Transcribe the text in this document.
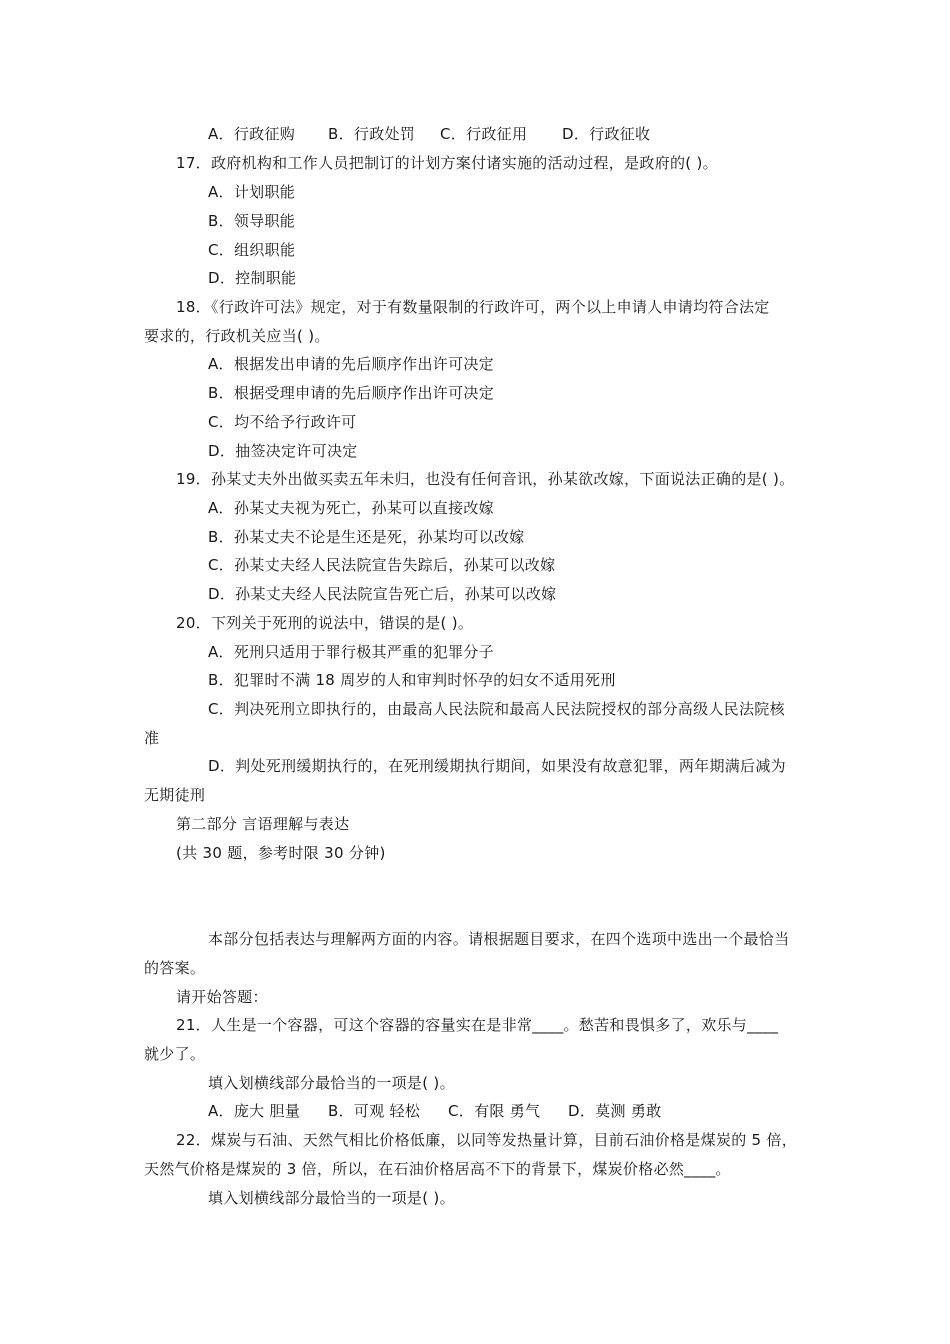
A．行政征购 B．行政处罚 C．行政征用 D．行政征收
17．政府机构和工作人员把制订的计划方案付诸实施的活动过程，是政府的( )。
A．计划职能
B．领导职能
C．组织职能
D．控制职能
18．《行政许可法》规定，对于有数量限制的行政许可，两个以上申请人申请均符合法定
要求的，行政机关应当( )。
A．根据发出申请的先后顺序作出许可决定
B．根据受理申请的先后顺序作出许可决定
C．均不给予行政许可
D．抽签决定许可决定
19．孙某丈夫外出做买卖五年未归，也没有任何音讯，孙某欲改嫁，下面说法正确的是( )。
A．孙某丈夫视为死亡，孙某可以直接改嫁
B．孙某丈夫不论是生还是死，孙某均可以改嫁
C．孙某丈夫经人民法院宣告失踪后，孙某可以改嫁
D．孙某丈夫经人民法院宣告死亡后，孙某可以改嫁
20．下列关于死刑的说法中，错误的是( )。
A．死刑只适用于罪行极其严重的犯罪分子
B．犯罪时不满 18 周岁的人和审判时怀孕的妇女不适用死刑
C．判决死刑立即执行的，由最高人民法院和最高人民法院授权的部分高级人民法院核
准
D．判处死刑缓期执行的，在死刑缓期执行期间，如果没有故意犯罪，两年期满后减为
无期徒刑
第二部分 言语理解与表达
(共 30 题，参考时限 30 分钟)
本部分包括表达与理解两方面的内容。请根据题目要求，在四个选项中选出一个最恰当
的答案。
请开始答题：
21．人生是一个容器，可这个容器的容量实在是非常____。愁苦和畏惧多了，欢乐与____
就少了。
填入划横线部分最恰当的一项是( )。
A．庞大 胆量 B．可观 轻松 C．有限 勇气 D．莫测 勇敢
22．煤炭与石油、天然气相比价格低廉，以同等发热量计算，目前石油价格是煤炭的 5 倍，
天然气价格是煤炭的 3 倍，所以，在石油价格居高不下的背景下，煤炭价格必然____。
填入划横线部分最恰当的一项是( )。
